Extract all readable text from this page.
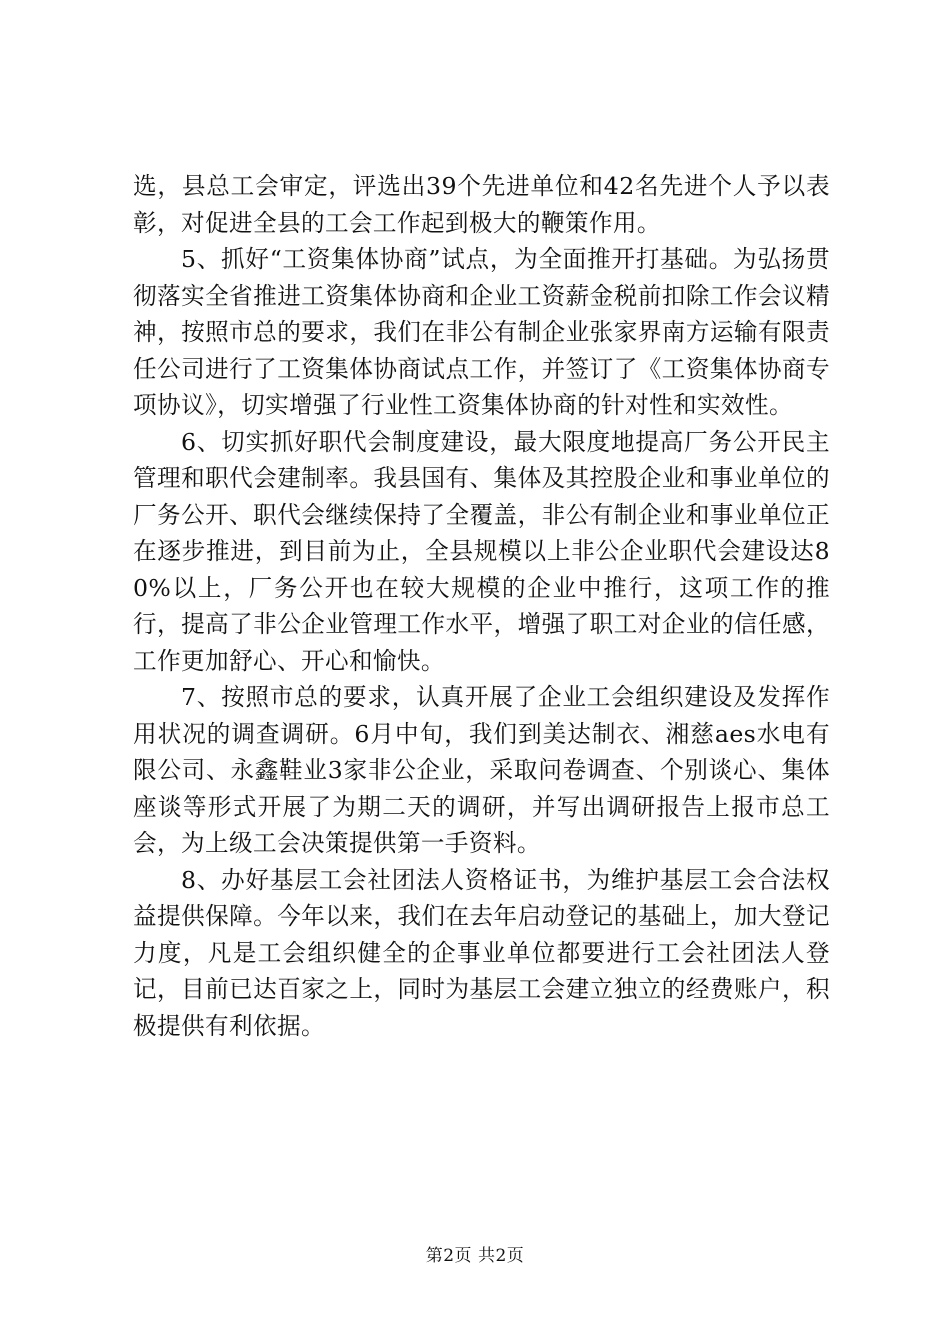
选，县总工会审定，评选出39个先进单位和42名先进个人予以表彰，对促进全县的工会工作起到极大的鞭策作用。

5、抓好“工资集体协商”试点，为全面推开打基础。为弘扬贯彻落实全省推进工资集体协商和企业工资薪金税前扣除工作会议精神，按照市总的要求，我们在非公有制企业张家界南方运输有限责任公司进行了工资集体协商试点工作，并签订了《工资集体协商专项协议》，切实增强了行业性工资集体协商的针对性和实效性。

6、切实抓好职代会制度建设，最大限度地提高厂务公开民主管理和职代会建制率。我县国有、集体及其控股企业和事业单位的厂务公开、职代会继续保持了全覆盖，非公有制企业和事业单位正在逐步推进，到目前为止，全县规模以上非公企业职代会建设达80%以上，厂务公开也在较大规模的企业中推行，这项工作的推行，提高了非公企业管理工作水平，增强了职工对企业的信任感，工作更加舒心、开心和愉快。

7、按照市总的要求，认真开展了企业工会组织建设及发挥作用状况的调查调研。6月中旬，我们到美达制衣、湘慈aes水电有限公司、永鑫鞋业3家非公企业，采取问卷调查、个别谈心、集体座谈等形式开展了为期二天的调研，并写出调研报告上报市总工会，为上级工会决策提供第一手资料。

8、办好基层工会社团法人资格证书，为维护基层工会合法权益提供保障。今年以来，我们在去年启动登记的基础上，加大登记力度，凡是工会组织健全的企事业单位都要进行工会社团法人登记，目前已达百家之上，同时为基层工会建立独立的经费账户，积极提供有利依据。

第2页 共2页
